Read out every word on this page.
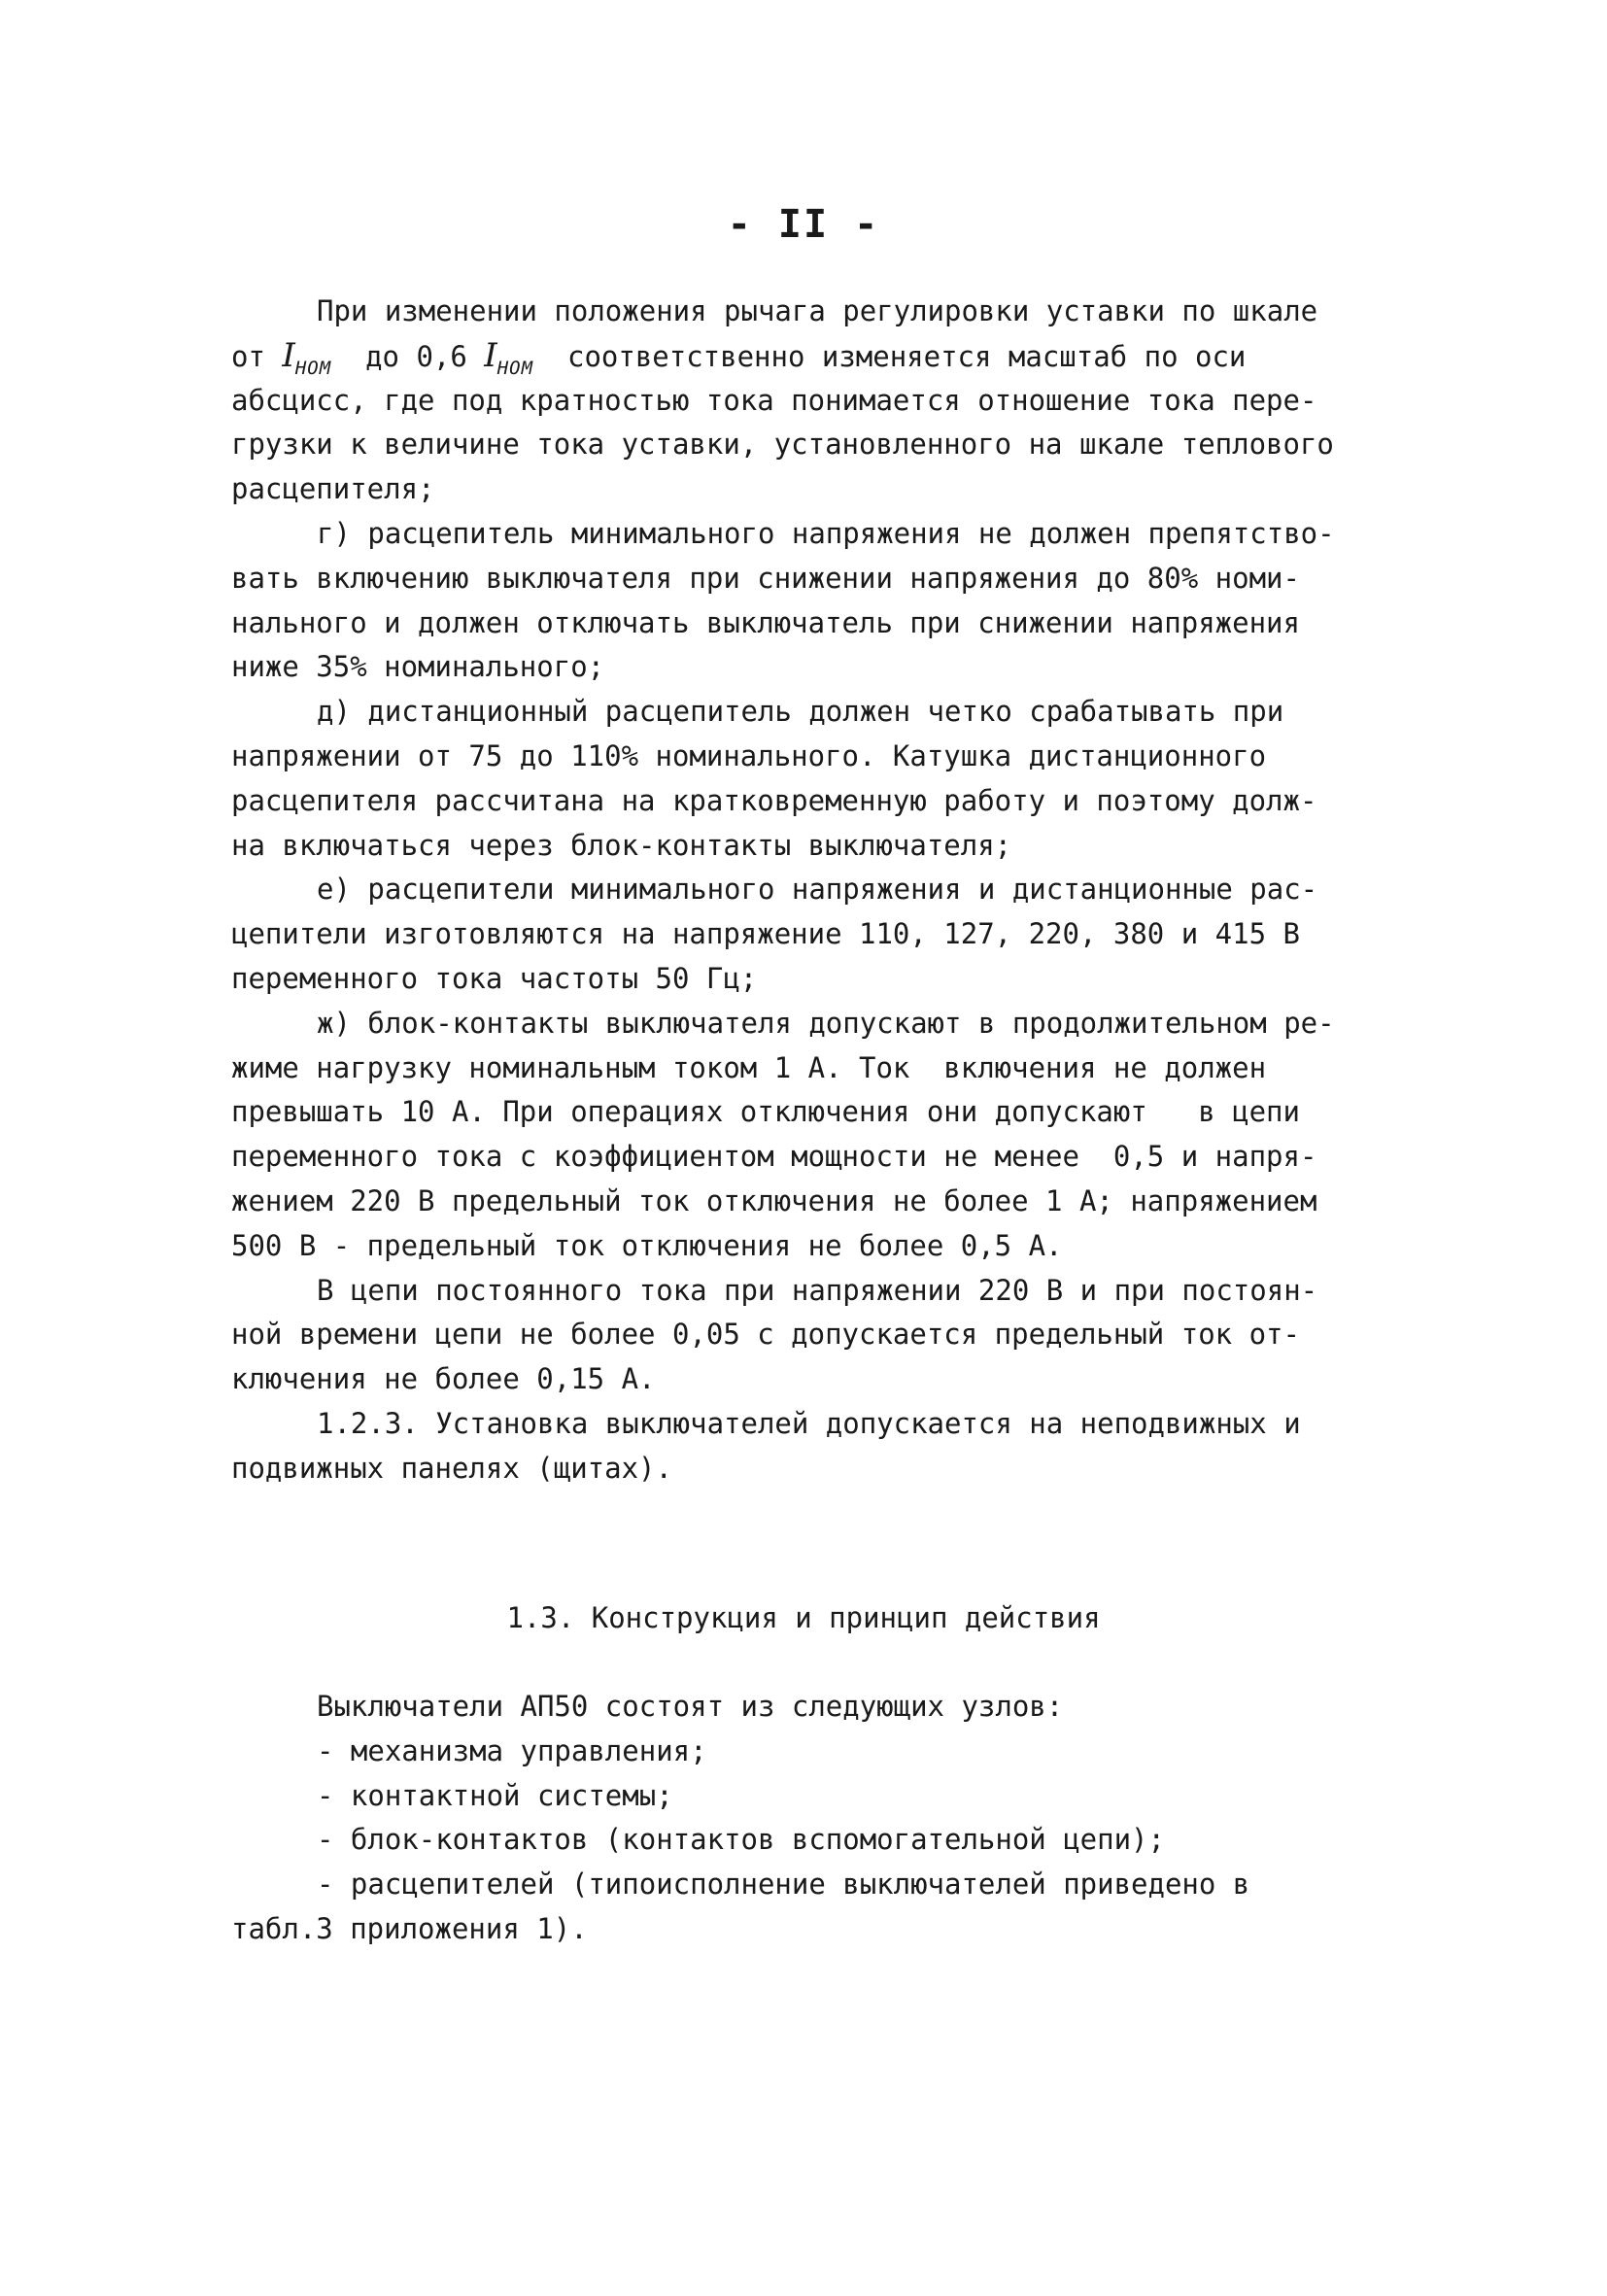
- II -
При изменении положения рычага регулировки уставки по шкале
от $I_{НОМ}$  до 0,6 $I_{НОМ}$  соответственно изменяется масштаб по оси
абсцисс, где под кратностью тока понимается отношение тока пере-
грузки к величине тока уставки, установленного на шкале теплового
расцепителя;
г) расцепитель минимального напряжения не должен препятство-
вать включению выключателя при снижении напряжения до 80% номи-
нального и должен отключать выключатель при снижении напряжения
ниже 35% номинального;
д) дистанционный расцепитель должен четко срабатывать при
напряжении от 75 до 110% номинального. Катушка дистанционного
расцепителя рассчитана на кратковременную работу и поэтому долж-
на включаться через блок-контакты выключателя;
е) расцепители минимального напряжения и дистанционные рас-
цепители изготовляются на напряжение 110, 127, 220, 380 и 415 В
переменного тока частоты 50 Гц;
ж) блок-контакты выключателя допускают в продолжительном ре-
жиме нагрузку номинальным током 1 А. Ток  включения не должен
превышать 10 А. При операциях отключения они допускают   в цепи
переменного тока с коэффициентом мощности не менее  0,5 и напря-
жением 220 В предельный ток отключения не более 1 А; напряжением
500 В - предельный ток отключения не более 0,5 А.
В цепи постоянного тока при напряжении 220 В и при постоян-
ной времени цепи не более 0,05 с допускается предельный ток от-
ключения не более 0,15 А.
1.2.3. Установка выключателей допускается на неподвижных и
подвижных панелях (щитах).
1.3. Конструкция и принцип действия
Выключатели АП50 состоят из следующих узлов:
- механизма управления;
- контактной системы;
- блок-контактов (контактов вспомогательной цепи);
- расцепителей (типоисполнение выключателей приведено в
табл.3 приложения 1).
